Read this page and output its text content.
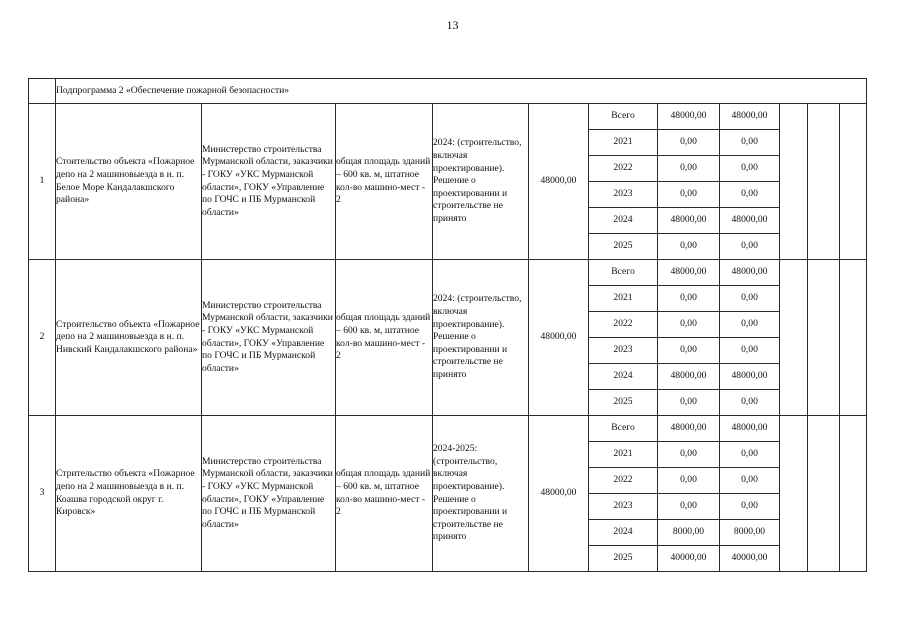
13
	Подпрограмма 2 «Обеспечение пожарной безопасности»										
1	Стоительство объекта «Пожарное депо на 2 машиновыезда в н. п. Белое Море Кандалакшского района»	Министерство строительства Мурманской области, заказчики - ГОКУ «УКС Мурманской области», ГОКУ «Управление по ГОЧС и ПБ Мурманской области»	общая площадь зданий – 600 кв. м, штатное кол-во машино-мест - 2	2024: (строительство, включая проектирование). Решение о проектировании и строительстве не принято	48000,00	Всего	48000,00	48000,00			
						2021	0,00	0,00			
						2022	0,00	0,00			
						2023	0,00	0,00			
						2024	48000,00	48000,00			
						2025	0,00	0,00			
2	Строительство объекта «Пожарное депо на 2 машиновыезда в н. п. Нивский Кандалакшского района»	Министерство строительства Мурманской области, заказчики - ГОКУ «УКС Мурманской области», ГОКУ «Управление по ГОЧС и ПБ Мурманской области»	общая площадь зданий – 600 кв. м, штатное кол-во машино-мест - 2	2024: (строительство, включая проектирование). Решение о проектировании и строительстве не принято	48000,00	Всего	48000,00	48000,00			
						2021	0,00	0,00			
						2022	0,00	0,00			
						2023	0,00	0,00			
						2024	48000,00	48000,00			
						2025	0,00	0,00			
3	Стрительство объекта «Пожарное депо на 2 машиновыезда в н. п. Коашва городской округ г. Кировск»	Министерство строительства Мурманской области, заказчики - ГОКУ «УКС Мурманской области», ГОКУ «Управление по ГОЧС и ПБ Мурманской области»	общая площадь зданий – 600 кв. м, штатное кол-во машино-мест - 2	2024-2025: (строительство, включая проектирование). Решение о проектировании и строительстве не принято	48000,00	Всего	48000,00	48000,00			
						2021	0,00	0,00			
						2022	0,00	0,00			
						2023	0,00	0,00			
						2024	8000,00	8000,00			
						2025	40000,00	40000,00			
